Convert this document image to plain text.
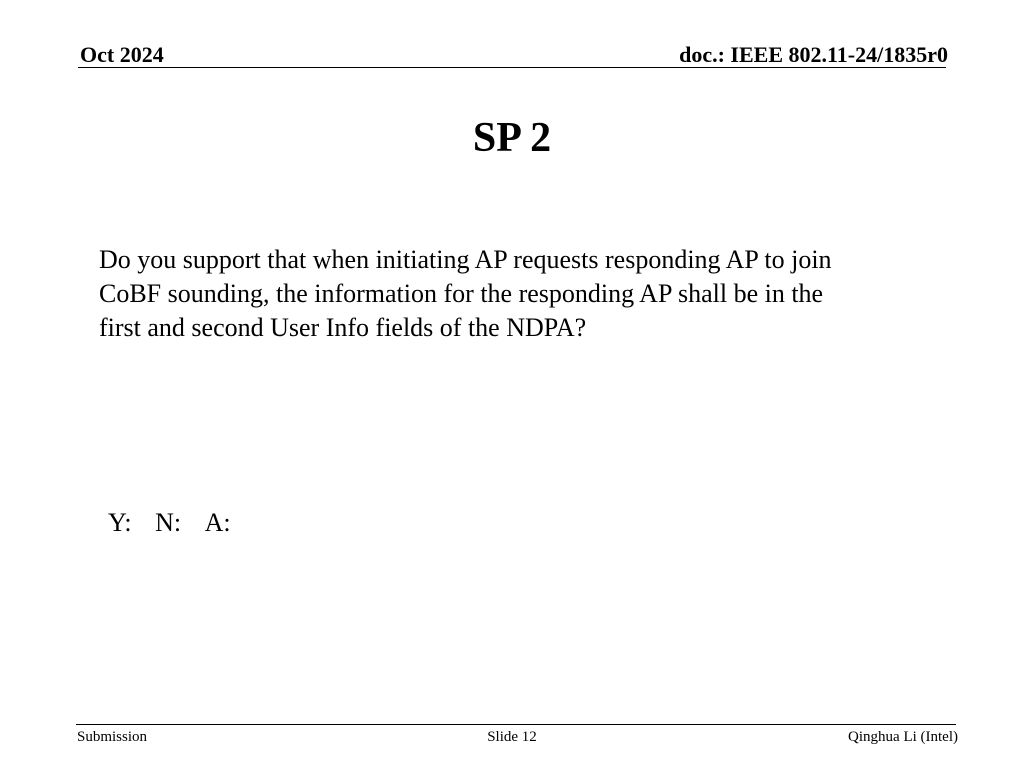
Oct 2024	doc.: IEEE 802.11-24/1835r0
SP 2
Do you support that when initiating AP requests responding AP to join
CoBF sounding, the information for the responding AP shall be in the
first and second User Info fields of the NDPA?
Y: N: A:
Submission	Slide 12	Qinghua Li (Intel)
